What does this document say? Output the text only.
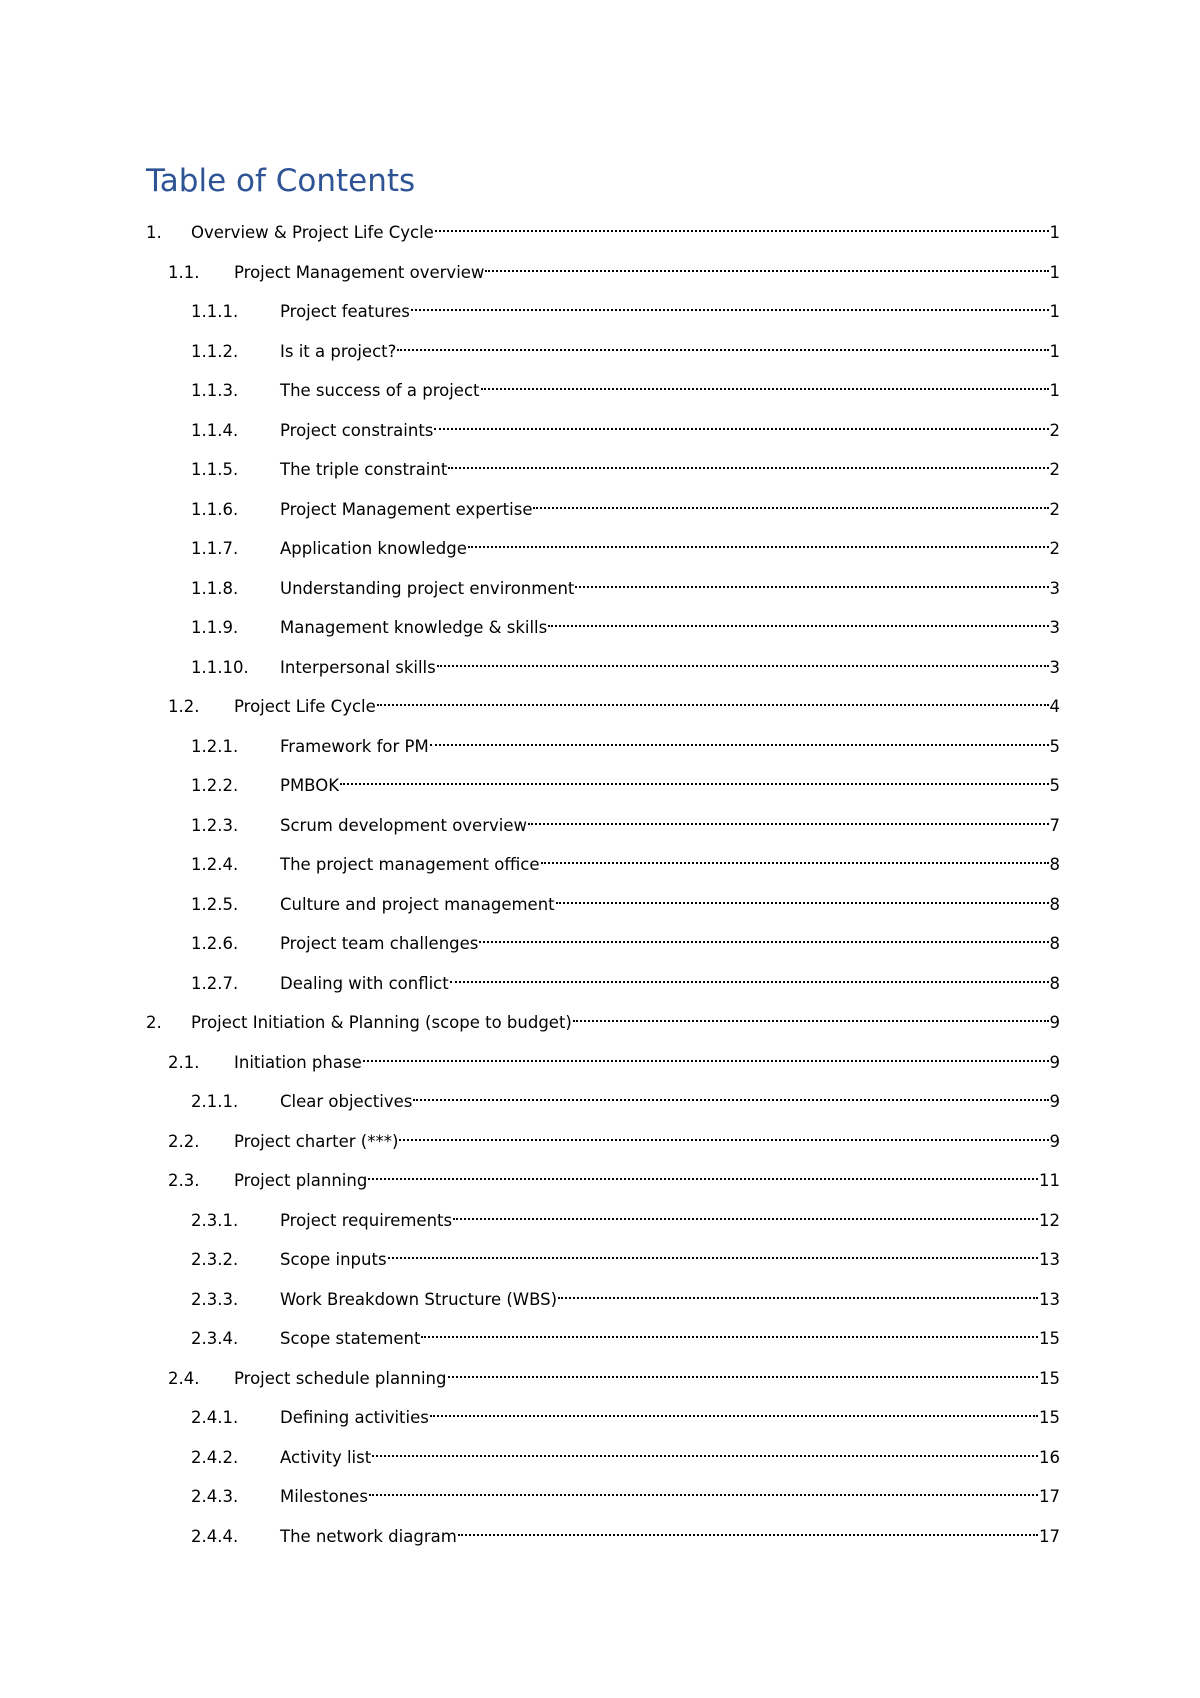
Table of Contents
1.	Overview & Project Life Cycle	1
1.1.	Project Management overview	1
1.1.1.	Project features	1
1.1.2.	Is it a project?	1
1.1.3.	The success of a project	1
1.1.4.	Project constraints	2
1.1.5.	The triple constraint	2
1.1.6.	Project Management expertise	2
1.1.7.	Application knowledge	2
1.1.8.	Understanding project environment	3
1.1.9.	Management knowledge & skills	3
1.1.10.	Interpersonal skills	3
1.2.	Project Life Cycle	4
1.2.1.	Framework for PM	5
1.2.2.	PMBOK	5
1.2.3.	Scrum development overview	7
1.2.4.	The project management office	8
1.2.5.	Culture and project management	8
1.2.6.	Project team challenges	8
1.2.7.	Dealing with conflict	8
2.	Project Initiation & Planning (scope to budget)	9
2.1.	Initiation phase	9
2.1.1.	Clear objectives	9
2.2.	Project charter (***)	9
2.3.	Project planning	11
2.3.1.	Project requirements	12
2.3.2.	Scope inputs	13
2.3.3.	Work Breakdown Structure (WBS)	13
2.3.4.	Scope statement	15
2.4.	Project schedule planning	15
2.4.1.	Defining activities	15
2.4.2.	Activity list	16
2.4.3.	Milestones	17
2.4.4.	The network diagram	17
